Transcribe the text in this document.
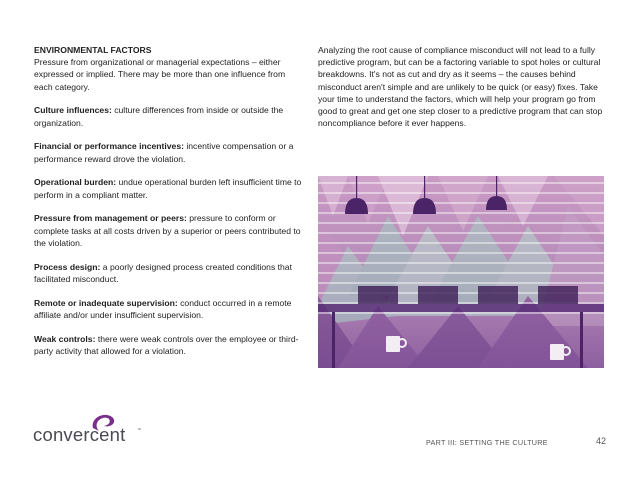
ENVIRONMENTAL FACTORS
Pressure from organizational or managerial expectations – either expressed or implied. There may be more than one influence from each category.

Culture influences: culture differences from inside or outside the organization.

Financial or performance incentives: incentive compensation or a performance reward drove the violation.

Operational burden: undue operational burden left insufficient time to perform in a compliant matter.

Pressure from management or peers: pressure to conform or complete tasks at all costs driven by a superior or peers contributed to the violation.

Process design: a poorly designed process created conditions that facilitated misconduct.

Remote or inadequate supervision: conduct occurred in a remote affiliate and/or under insufficient supervision.

Weak controls: there were weak controls over the employee or third-party activity that allowed for a violation.

Analyzing the root cause of compliance misconduct will not lead to a fully predictive program, but can be a factoring variable to spot holes or cultural breakdowns. It's not as cut and dry as it seems – the causes behind misconduct aren't simple and are unlikely to be quick (or easy) fixes. Take your time to understand the factors, which will help your program go from good to great and get one step closer to a predictive program that can stop noncompliance before it ever happens.

convercent	™
PART III: SETTING THE CULTURE	42
